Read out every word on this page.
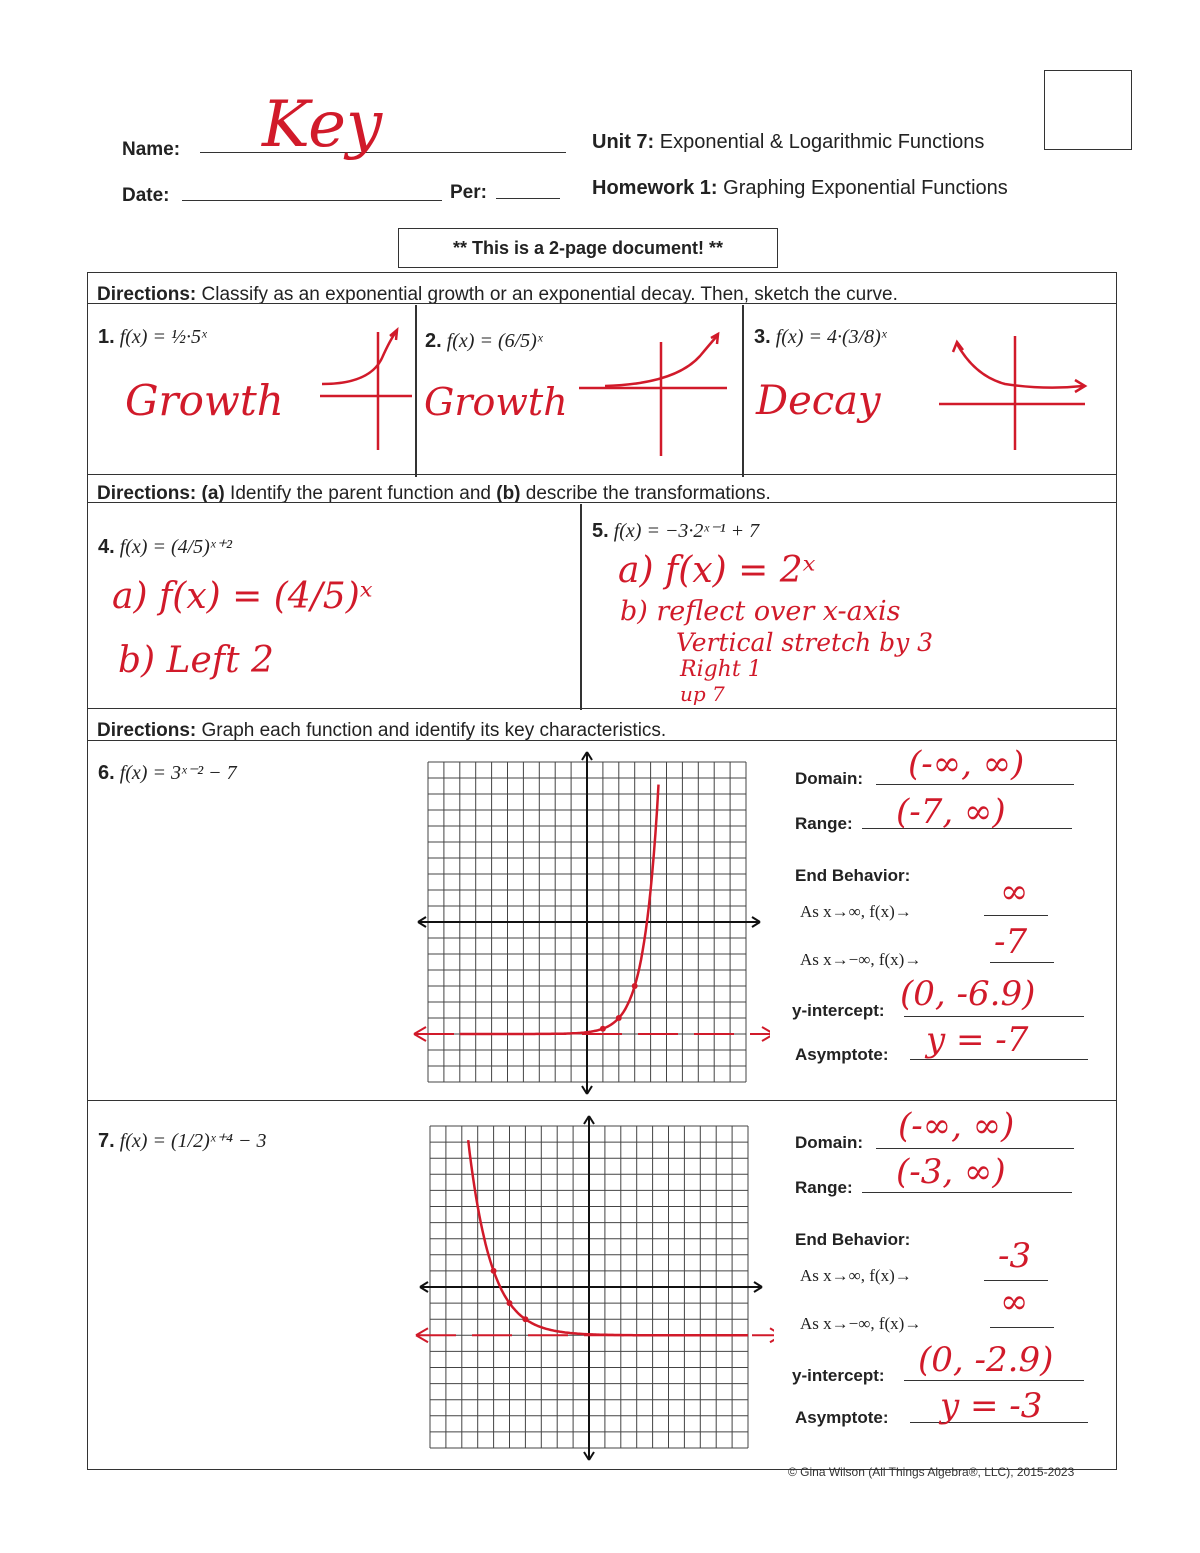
Name: Key
Date:	Per:
Unit 7: Exponential & Logarithmic Functions
Homework 1: Graphing Exponential Functions
** This is a 2-page document! **
Directions: Classify as an exponential growth or an exponential decay. Then, sketch the curve.
1. f(x) = ½·5ˣ
Growth
2. f(x) = (6/5)ˣ
Growth
3. f(x) = 4·(3/8)ˣ
Decay
Directions: (a) Identify the parent function and (b) describe the transformations.
4. f(x) = (4/5)ˣ⁺²
a) f(x) = (4/5)ˣ
b) Left 2
5. f(x) = −3·2ˣ⁻¹ + 7
a) f(x) = 2ˣ
b) reflect over x-axis
Vertical stretch by 3
Right 1
up 7
Directions: Graph each function and identify its key characteristics.
6. f(x) = 3ˣ⁻² − 7	Domain: (-∞, ∞)
Range: (-7, ∞)
End Behavior:
As x→∞, f(x)→	∞
As x→−∞, f(x)→ -7
y-intercept: (0, -6.9)
Asymptote: y = -7
7. f(x) = (1/2)ˣ⁺⁴ − 3	Domain: (-∞, ∞)
Range: (-3, ∞)
End Behavior:
As x→∞, f(x)→	-3
As x→−∞, f(x)→
∞
y-intercept: (0, -2.9)
Asymptote: y = -3
© Gina Wilson (All Things Algebra®, LLC), 2015-2023
